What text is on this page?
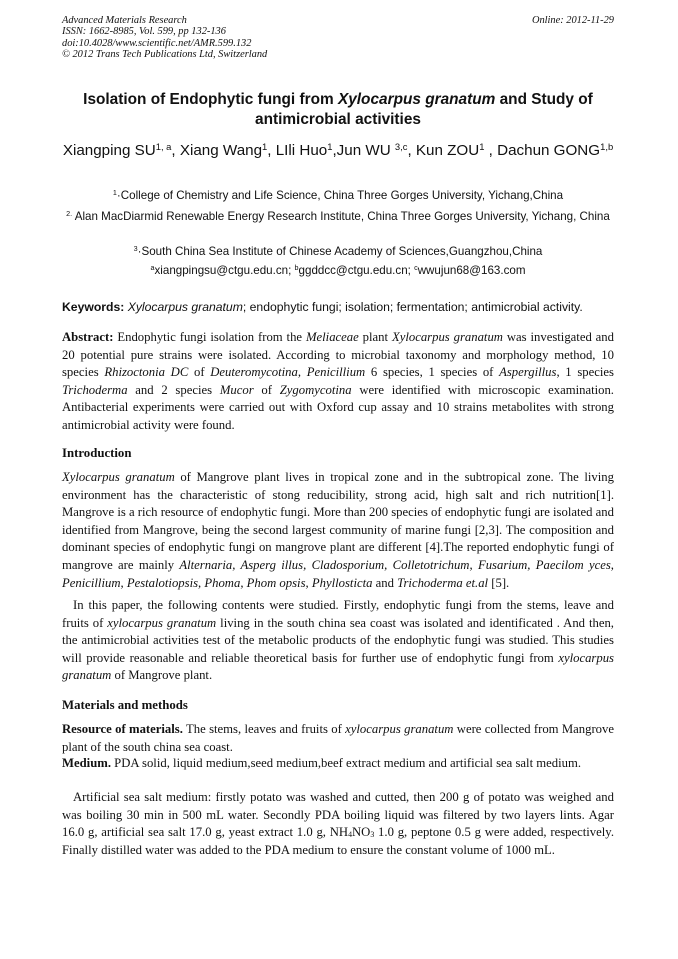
Advanced Materials Research
ISSN: 1662-8985, Vol. 599, pp 132-136
doi:10.4028/www.scientific.net/AMR.599.132
© 2012 Trans Tech Publications Ltd, Switzerland
Online: 2012-11-29
Isolation of Endophytic fungi from Xylocarpus granatum and Study of antimicrobial activities
Xiangping SU$^{1, a}$, Xiang Wang$^1$, LIli Huo$^1$,Jun WU $^{3,c}$, Kun ZOU$^1$ , Dachun GONG$^{1,b}$
$^1$·College of Chemistry and Life Science, China Three Gorges University, Yichang,China
$^{2.}$ Alan MacDiarmid Renewable Energy Research Institute, China Three Gorges University, Yichang, China
$^3$·South China Sea Institute of Chinese Academy of Sciences,Guangzhou,China
$^a$xiangpingsu@ctgu.edu.cn; $^b$ggddcc@ctgu.edu.cn; $^c$wwujun68@163.com
Keywords: Xylocarpus granatum; endophytic fungi; isolation; fermentation; antimicrobial activity.
Abstract: Endophytic fungi isolation from the Meliaceae plant Xylocarpus granatum was investigated and 20 potential pure strains were isolated. According to microbial taxonomy and morphology method, 10 species Rhizoctonia DC of Deuteromycotina, Penicillium 6 species, 1 species of Aspergillus, 1 species Trichoderma and 2 species Mucor of Zygomycotina were identified with microscopic examination. Antibacterial experiments were carried out with Oxford cup assay and 10 strains metabolites with strong antimicrobial activity were found.
Introduction
Xylocarpus granatum of Mangrove plant lives in tropical zone and in the subtropical zone. The living environment has the characteristic of stong reducibility, strong acid, high salt and rich nutrition[1]. Mangrove is a rich resource of endophytic fungi. More than 200 species of endophytic fungi are isolated and identified from Mangrove, being the second largest community of marine fungi [2,3]. The composition and dominant species of endophytic fungi on mangrove plant are different [4].The reported endophytic fungi of mangrove are mainly Alternaria, Asperg illus, Cladosporium, Colletotrichum, Fusarium, Paecilom yces, Penicillium, Pestalotiopsis, Phoma, Phom opsis, Phyllosticta and Trichoderma et.al [5].
In this paper, the following contents were studied. Firstly, endophytic fungi from the stems, leave and fruits of xylocarpus granatum living in the south china sea coast was isolated and identificated . And then, the antimicrobial activities test of the metabolic products of the endophytic fungi was studied. This studies will provide reasonable and reliable theoretical basis for further use of endophytic fungi from xylocarpus granatum of Mangrove plant.
Materials and methods
Resource of materials. The stems, leaves and fruits of xylocarpus granatum were collected from Mangrove plant of the south china sea coast.
Medium. PDA solid, liquid medium,seed medium,beef extract medium and artificial sea salt medium.
Artificial sea salt medium: firstly potato was washed and cutted, then 200 g of potato was weighed and was boiling 30 min in 500 mL water. Secondly PDA boiling liquid was filtered by two layers lints. Agar 16.0 g, artificial sea salt 17.0 g, yeast extract 1.0 g, $NH_4NO_3$ 1.0 g, peptone 0.5 g were added, respectively. Finally distilled water was added to the PDA medium to ensure the constant volume of 1000 mL.
